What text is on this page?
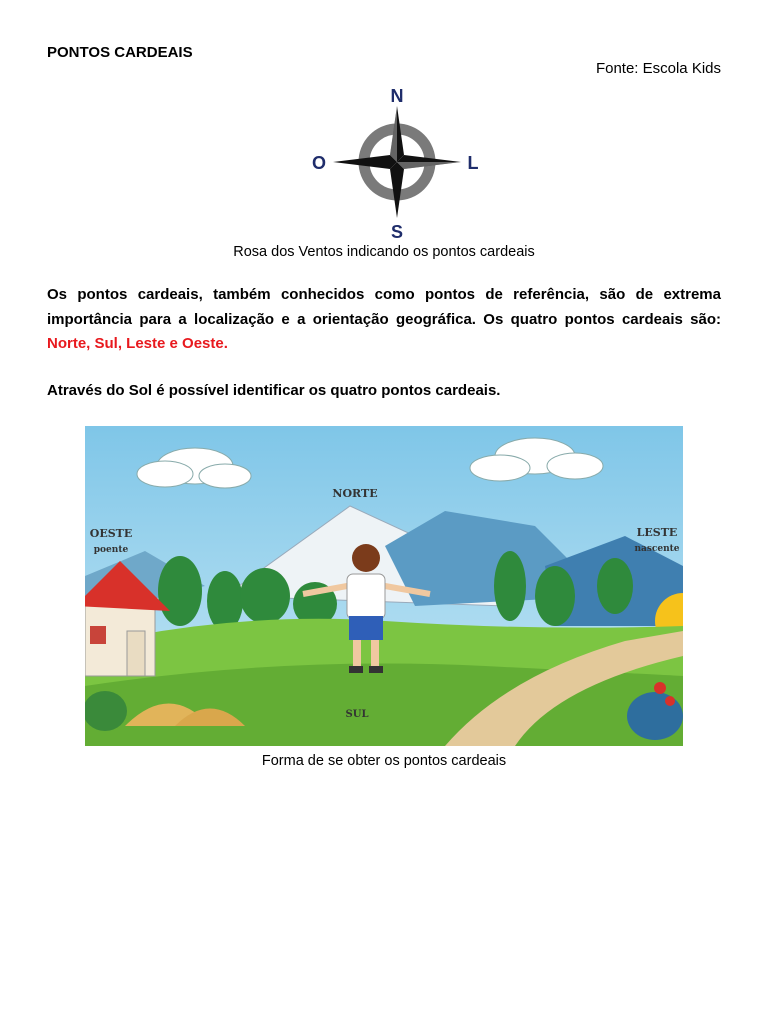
PONTOS CARDEAIS
Fonte: Escola Kids
N
S
O	L
Rosa dos Ventos indicando os pontos cardeais

Os pontos cardeais, também conhecidos como pontos de referência, são de extrema importância para a localização e a orientação geográfica. Os quatro pontos cardeais são: Norte, Sul, Leste e Oeste.

Através do Sol é possível identificar os quatro pontos cardeais.

NORTE
OESTE
poente
LESTE
nascente
SUL
Forma de se obter os pontos cardeais
